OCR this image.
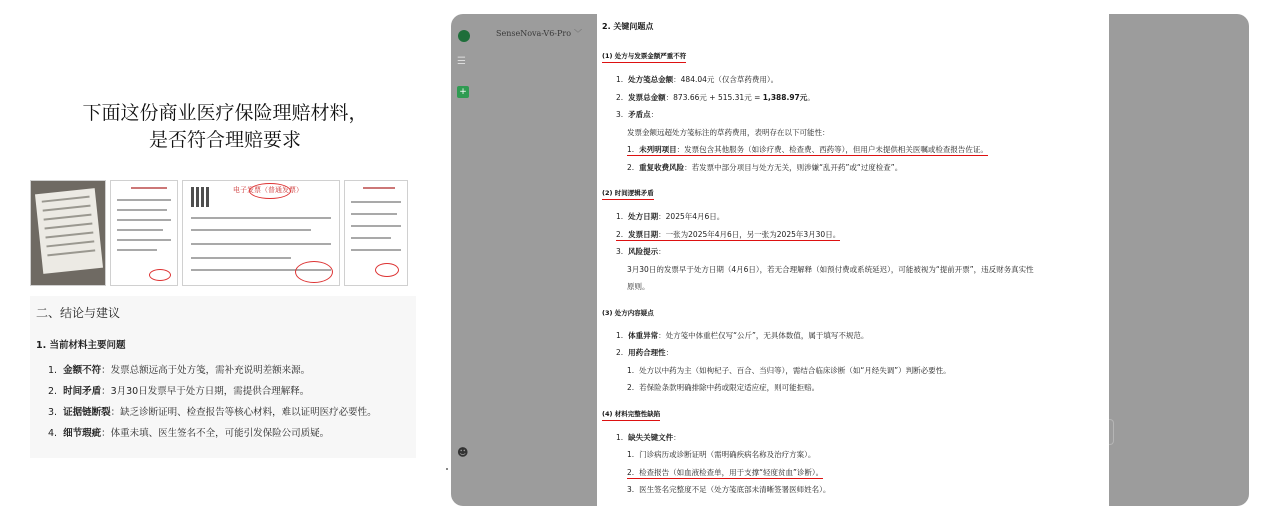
下面这份商业医疗保险理赔材料，
是否符合理赔要求
电子发票（普通发票）
二、结论与建议
1. 当前材料主要问题
1. 金额不符：发票总额远高于处方笺，需补充说明差额来源。
2. 时间矛盾：3月30日发票早于处方日期，需提供合理解释。
3. 证据链断裂：缺乏诊断证明、检查报告等核心材料，难以证明医疗必要性。
4. 细节瑕疵：体重未填、医生签名不全，可能引发保险公司质疑。
☰
+
☻
SenseNova-V6-Pro ﹀
2. 关键问题点
(1) 处方与发票金额严重不符
1. 处方笺总金额：484.04元（仅含草药费用）。
2. 发票总金额：873.66元 + 515.31元 = 1,388.97元。
3. 矛盾点：
发票金额远超处方笺标注的草药费用，表明存在以下可能性：
1. 未列明项目：发票包含其他服务（如诊疗费、检查费、西药等），但用户未提供相关医嘱或检查报告佐证。
2. 重复收费风险：若发票中部分项目与处方无关，则涉嫌“乱开药”或“过度检查”。
(2) 时间逻辑矛盾
1. 处方日期：2025年4月6日。
2. 发票日期：一张为2025年4月6日，另一张为2025年3月30日。
3. 风险提示：
3月30日的发票早于处方日期（4月6日），若无合理解释（如预付费或系统延迟），可能被视为“提前开票”，违反财务真实性
原则。
(3) 处方内容疑点
1. 体重异常：处方笺中体重栏仅写“公斤”，无具体数值，属于填写不规范。
2. 用药合理性：
1. 处方以中药为主（如枸杞子、百合、当归等），需结合临床诊断（如“月经失调”）判断必要性。
2. 若保险条款明确排除中药或限定适应症，则可能拒赔。
(4) 材料完整性缺陷
1. 缺失关键文件：
1. 门诊病历或诊断证明（需明确疾病名称及治疗方案）。
2. 检查报告（如血液检查单，用于支撑“轻度贫血”诊断）。
3. 医生签名完整度不足（处方笺底部未清晰签署医师姓名）。
